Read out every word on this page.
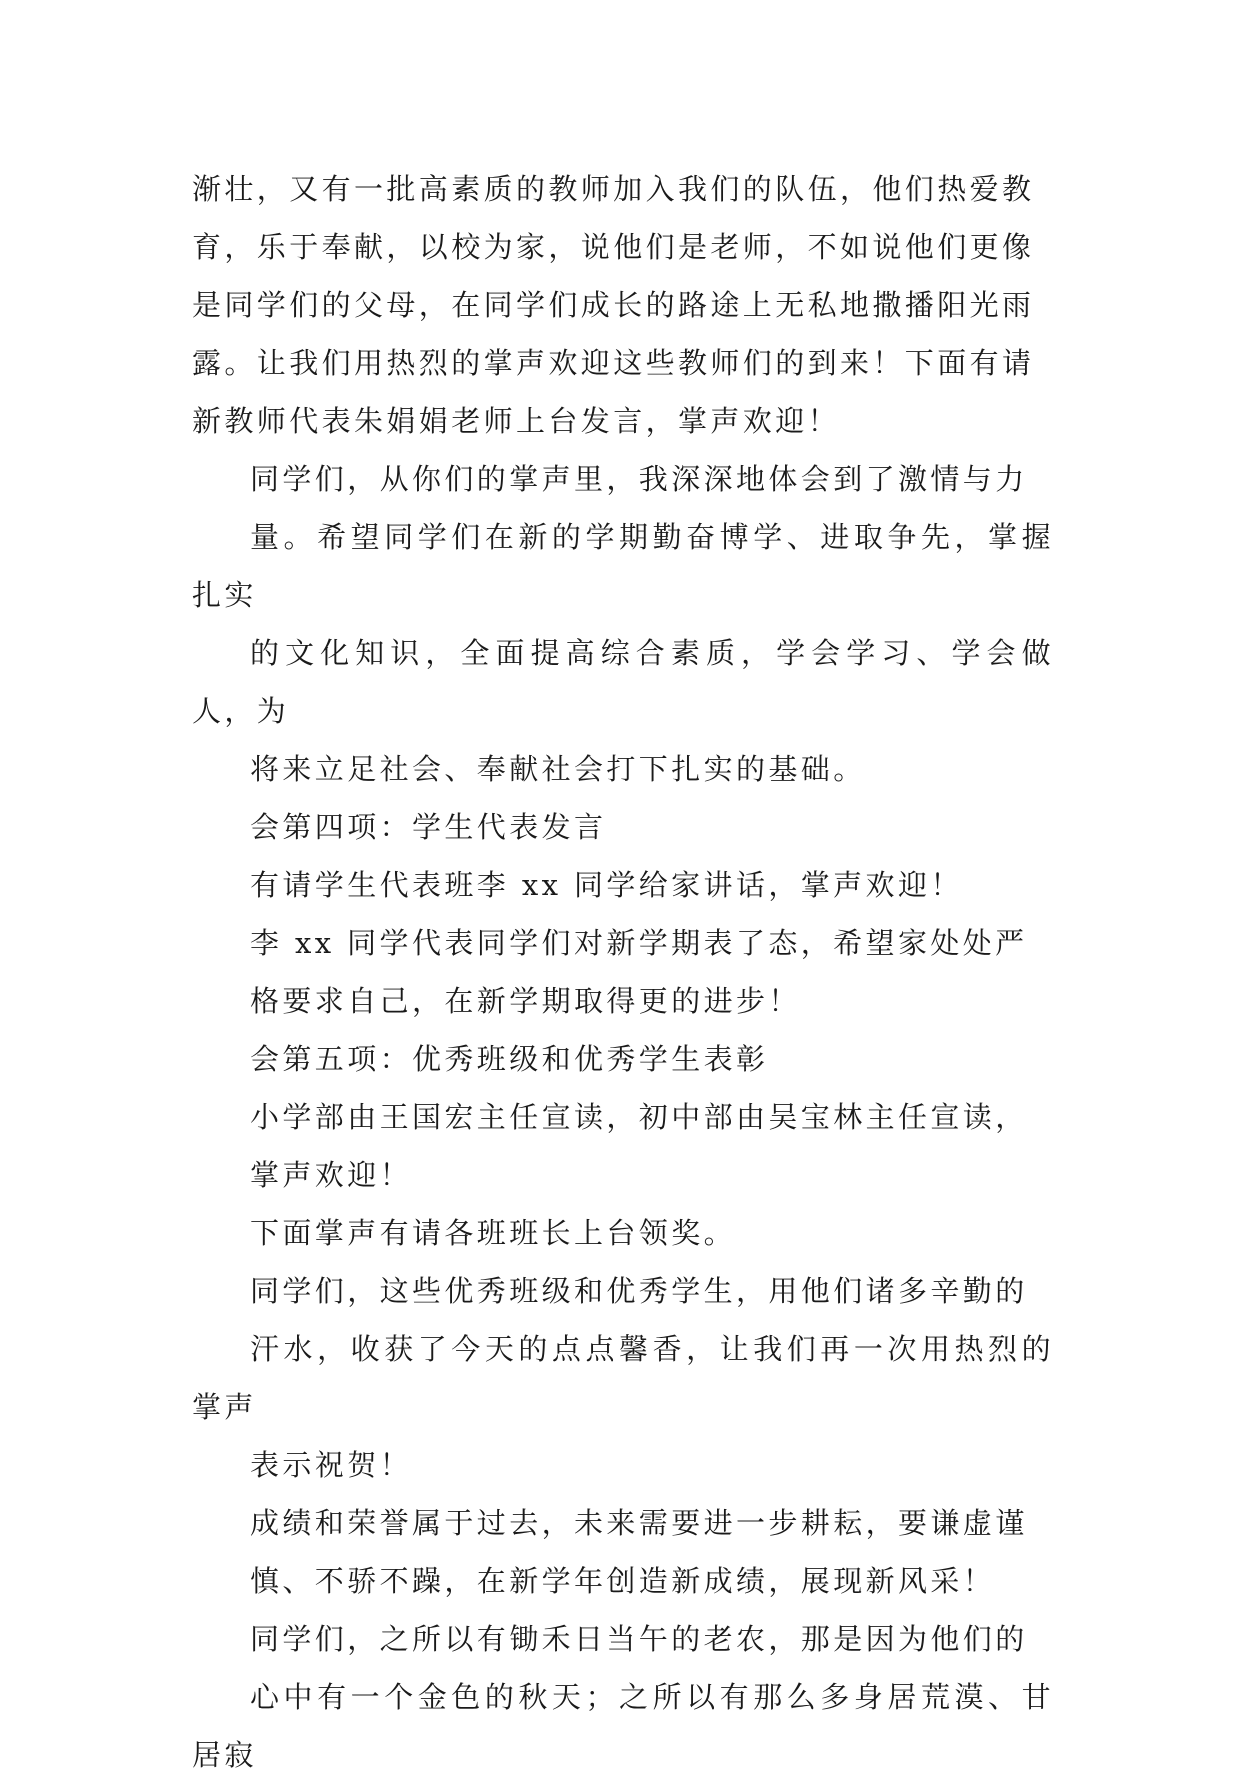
渐壮，又有一批高素质的教师加入我们的队伍，他们热爱教
育，乐于奉献，以校为家，说他们是老师，不如说他们更像
是同学们的父母，在同学们成长的路途上无私地撒播阳光雨
露。让我们用热烈的掌声欢迎这些教师们的到来！下面有请
新教师代表朱娟娟老师上台发言，掌声欢迎！

同学们，从你们的掌声里，我深深地体会到了激情与力
量。希望同学们在新的学期勤奋博学、进取争先，掌握扎实
的文化知识，全面提高综合素质，学会学习、学会做人，为
将来立足社会、奉献社会打下扎实的基础。

会第四项：学生代表发言

有请学生代表班李 xx 同学给家讲话，掌声欢迎！

李 xx 同学代表同学们对新学期表了态，希望家处处严
格要求自己，在新学期取得更的进步！

会第五项：优秀班级和优秀学生表彰

小学部由王国宏主任宣读，初中部由吴宝林主任宣读，
掌声欢迎！

下面掌声有请各班班长上台领奖。

同学们，这些优秀班级和优秀学生，用他们诸多辛勤的
汗水，收获了今天的点点馨香，让我们再一次用热烈的掌声
表示祝贺！

成绩和荣誉属于过去，未来需要进一步耕耘，要谦虚谨
慎、不骄不躁，在新学年创造新成绩，展现新风采！

同学们，之所以有锄禾日当午的老农，那是因为他们的
心中有一个金色的秋天；之所以有那么多身居荒漠、甘居寂
